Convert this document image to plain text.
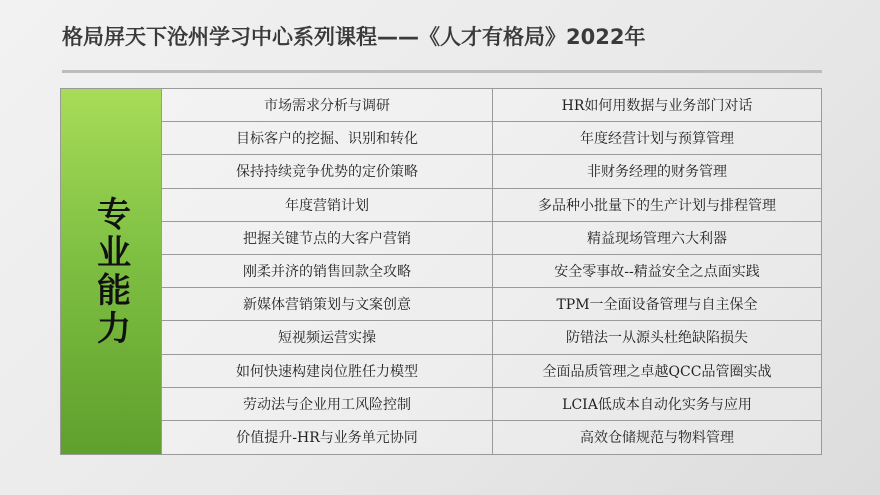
格局屏天下沧州学习中心系列课程——《人才有格局》2022年
专业能力
市场需求分析与调研
目标客户的挖掘、识别和转化
保持持续竞争优势的定价策略
年度营销计划
把握关键节点的大客户营销
刚柔并济的销售回款全攻略
新媒体营销策划与文案创意
短视频运营实操
如何快速构建岗位胜任力模型
劳动法与企业用工风险控制
价值提升-HR与业务单元协同
HR如何用数据与业务部门对话
年度经营计划与预算管理
非财务经理的财务管理
多品种小批量下的生产计划与排程管理
精益现场管理六大利器
安全零事故--精益安全之点面实践
TPM一全面设备管理与自主保全
防错法一从源头杜绝缺陷损失
全面品质管理之卓越QCC品管圈实战
LCIA低成本自动化实务与应用
高效仓储规范与物料管理
